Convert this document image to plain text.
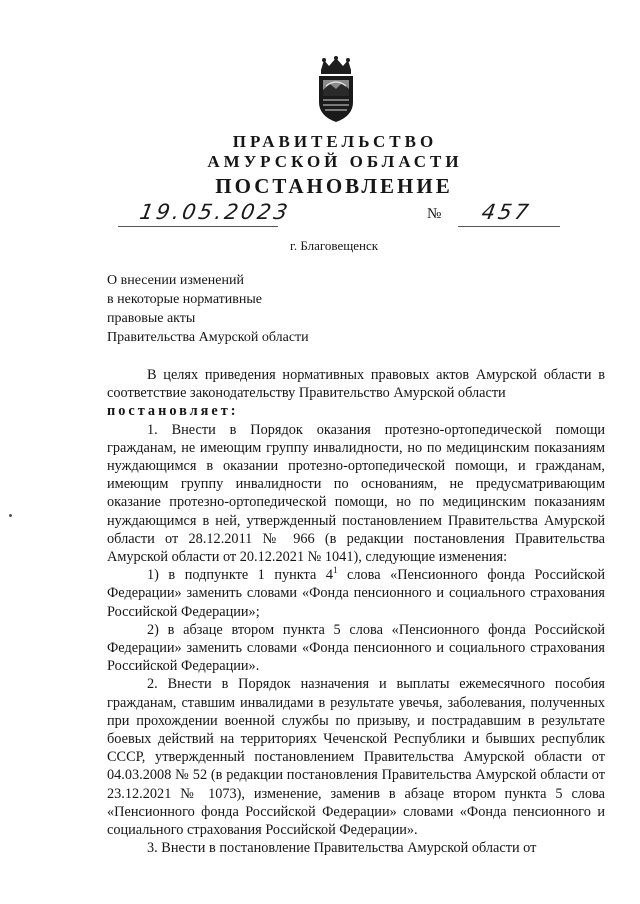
ПРАВИТЕЛЬСТВО
АМУРСКОЙ ОБЛАСТИ
ПОСТАНОВЛЕНИЕ
19.05.2023	№ 457
г. Благовещенск
О внесении изменений
в некоторые нормативные
правовые акты
Правительства Амурской области

В целях приведения нормативных правовых актов Амурской области в соответствие законодательству Правительство Амурской области

постановляет:

1. Внести в Порядок оказания протезно-ортопедической помощи гражданам, не имеющим группу инвалидности, но по медицинским показаниям нуждающимся в оказании протезно-ортопедической помощи, и гражданам, имеющим группу инвалидности по основаниям, не предусматривающим оказание протезно-ортопедической помощи, но по медицинским показаниям нуждающимся в ней, утвержденный постановлением Правительства Амурской области от 28.12.2011 № 966 (в редакции постановления Правительства Амурской области от 20.12.2021 № 1041), следующие изменения:

1) в подпункте 1 пункта $4^1$ слова «Пенсионного фонда Российской Федерации» заменить словами «Фонда пенсионного и социального страхования Российской Федерации»;

2) в абзаце втором пункта 5 слова «Пенсионного фонда Российской Федерации» заменить словами «Фонда пенсионного и социального страхования Российской Федерации».

2. Внести в Порядок назначения и выплаты ежемесячного пособия гражданам, ставшим инвалидами в результате увечья, заболевания, полученных при прохождении военной службы по призыву, и пострадавшим в результате боевых действий на территориях Чеченской Республики и бывших республик СССР, утвержденный постановлением Правительства Амурской области от 04.03.2008 № 52 (в редакции постановления Правительства Амурской области от 23.12.2021 № 1073), изменение, заменив в абзаце втором пункта 5 слова «Пенсионного фонда Российской Федерации» словами «Фонда пенсионного и социального страхования Российской Федерации».

3. Внести в постановление Правительства Амурской области от
